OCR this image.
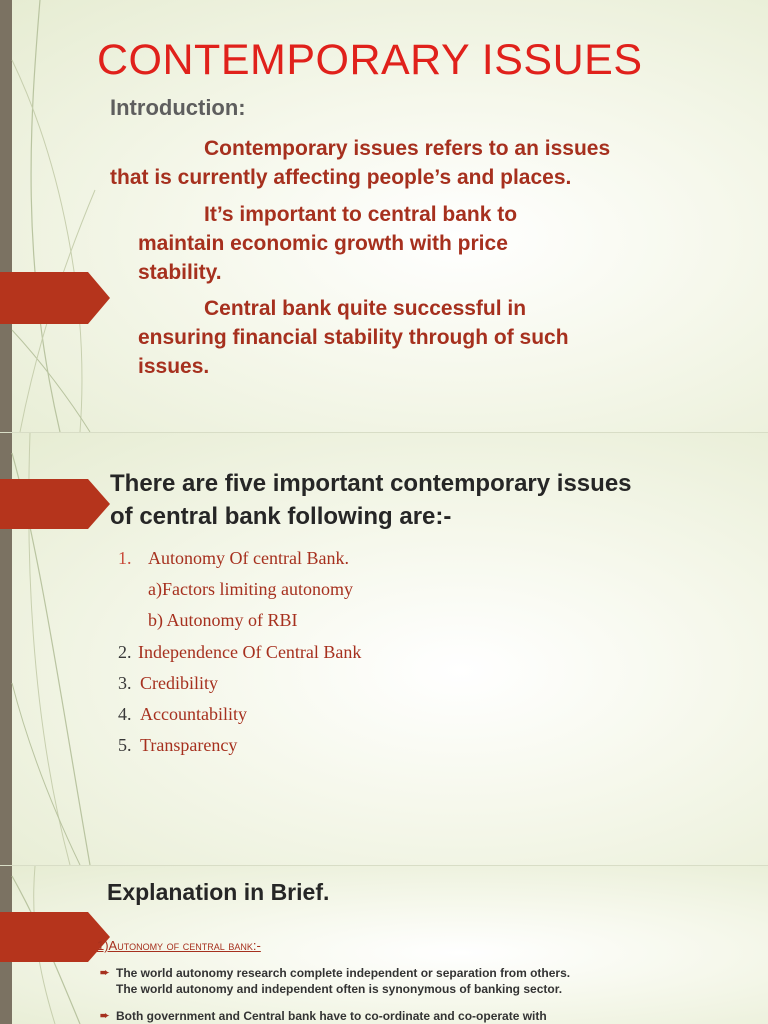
CONTEMPORARY ISSUES
Introduction:
Contemporary issues refers to an issues
that is currently affecting people’s and places.
It’s important to central bank to
maintain economic growth with price
stability.
Central bank quite successful in
ensuring financial stability through of such
issues.
There are five important contemporary issues of central bank following are:-
1. Autonomy Of central Bank.
a)Factors limiting autonomy
b) Autonomy of RBI
2. Independence Of Central Bank
3. Credibility
4. Accountability
5. Transparency
Explanation in Brief.
1)Autonomy of central bank:-
➨ The world autonomy research complete independent or separation from others.
The world autonomy and independent often is synonymous of banking sector.
➨ Both government and Central bank have to co-ordinate and co-operate with
